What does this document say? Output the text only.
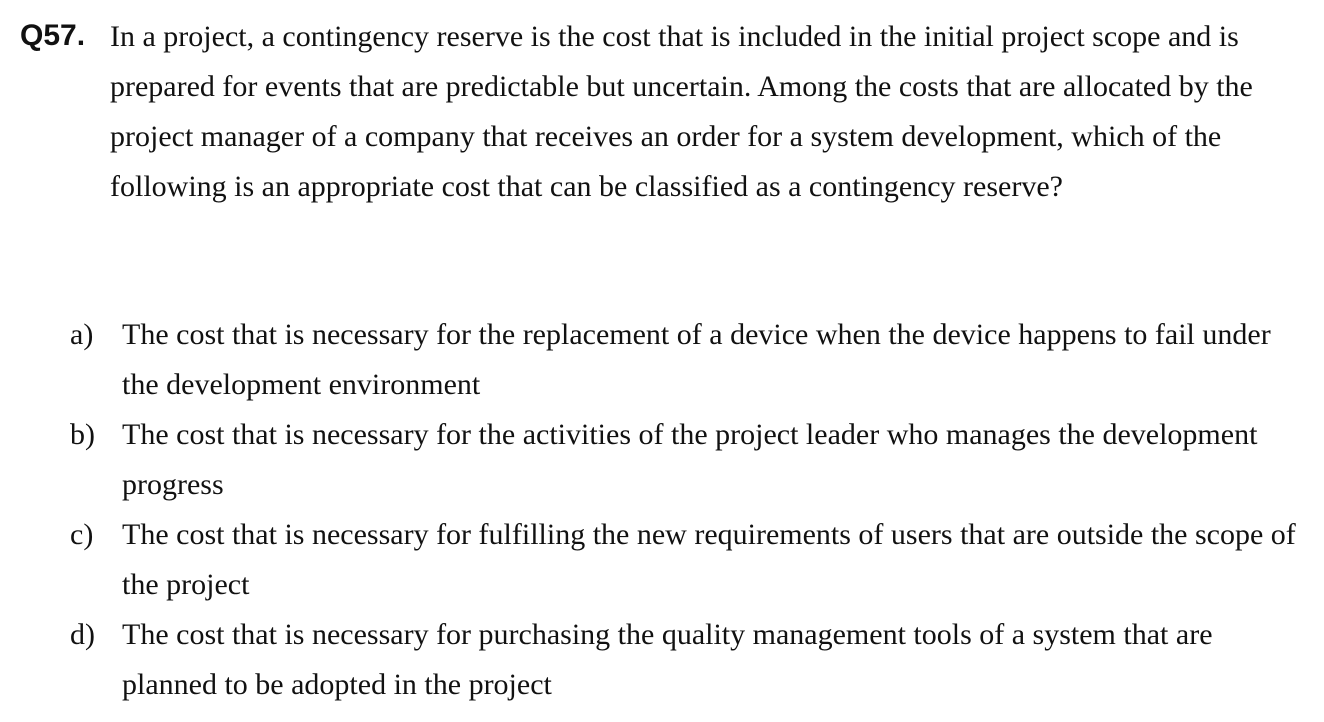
Q57. In a project, a contingency reserve is the cost that is included in the initial project scope and is prepared for events that are predictable but uncertain. Among the costs that are allocated by the project manager of a company that receives an order for a system development, which of the following is an appropriate cost that can be classified as a contingency reserve?
a) The cost that is necessary for the replacement of a device when the device happens to fail under the development environment
b) The cost that is necessary for the activities of the project leader who manages the development progress
c) The cost that is necessary for fulfilling the new requirements of users that are outside the scope of the project
d) The cost that is necessary for purchasing the quality management tools of a system that are planned to be adopted in the project
